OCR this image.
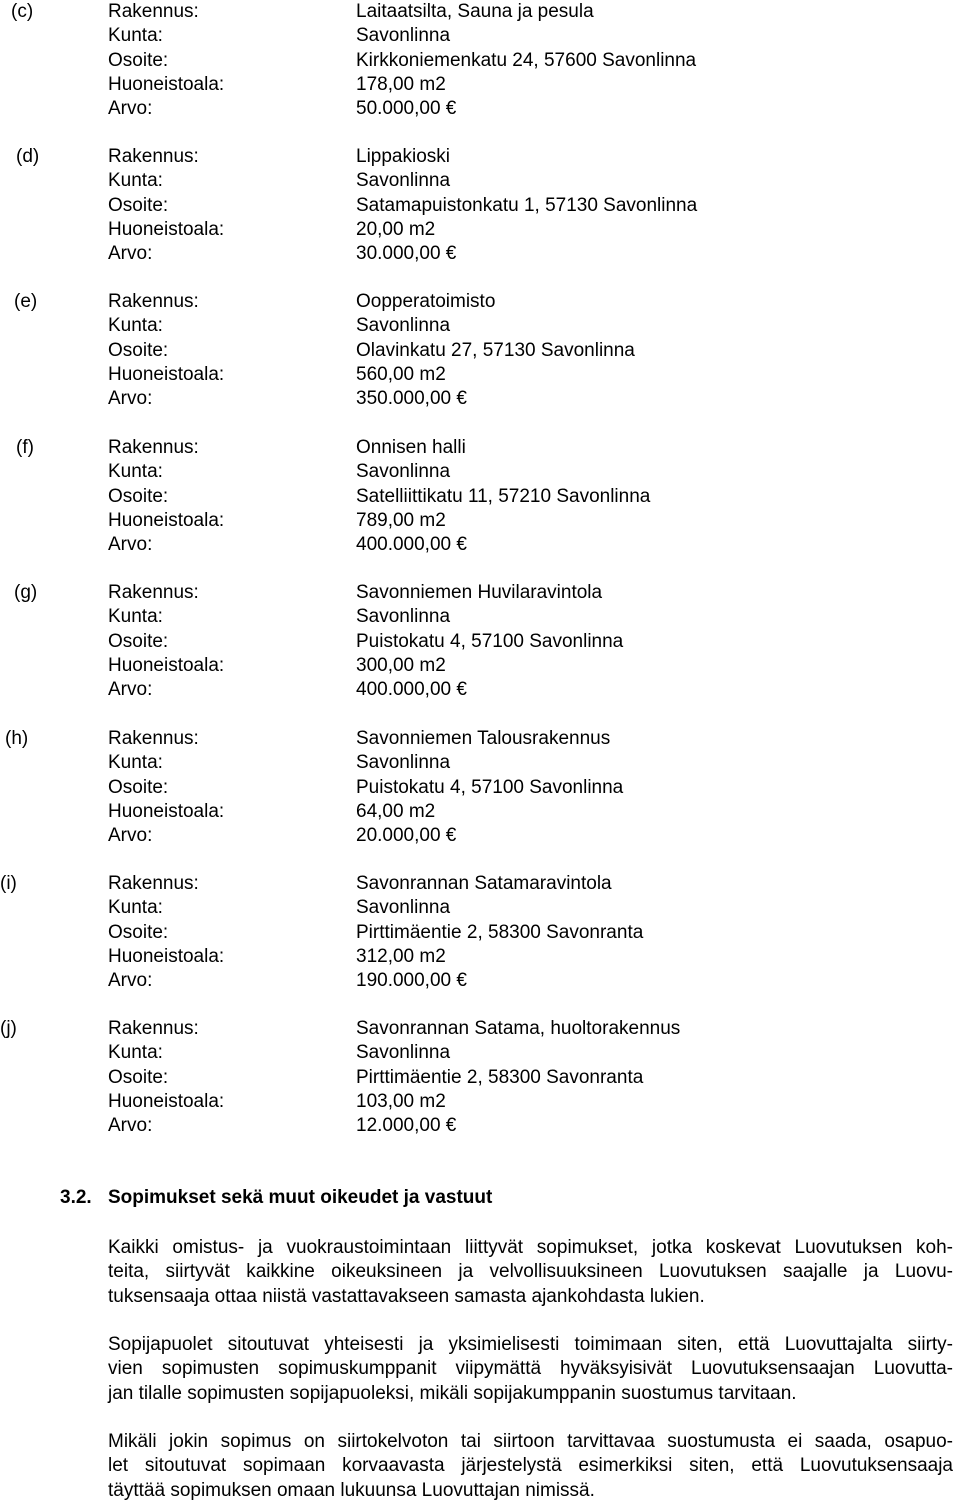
(c)	Rakennus:	Laitaatsilta, Sauna ja pesula
Kunta:	Savonlinna
Osoite:	Kirkkoniemenkatu 24, 57600 Savonlinna
Huoneistoala:	178,00 m2
Arvo:	50.000,00 €
(d)	Rakennus:	Lippakioski
Kunta:	Savonlinna
Osoite:	Satamapuistonkatu 1, 57130 Savonlinna
Huoneistoala:	20,00 m2
Arvo:	30.000,00 €
(e)	Rakennus:	Oopperatoimisto
Kunta:	Savonlinna
Osoite:	Olavinkatu 27, 57130 Savonlinna
Huoneistoala:	560,00 m2
Arvo:	350.000,00 €
(f)	Rakennus:	Onnisen halli
Kunta:	Savonlinna
Osoite:	Satelliittikatu 11, 57210 Savonlinna
Huoneistoala:	789,00 m2
Arvo:	400.000,00 €
(g)	Rakennus:	Savonniemen Huvilaravintola
Kunta:	Savonlinna
Osoite:	Puistokatu 4, 57100 Savonlinna
Huoneistoala:	300,00 m2
Arvo:	400.000,00 €
(h)	Rakennus:	Savonniemen Talousrakennus
Kunta:	Savonlinna
Osoite:	Puistokatu 4, 57100 Savonlinna
Huoneistoala:	64,00 m2
Arvo:	20.000,00 €
(i)	Rakennus:	Savonrannan Satamaravintola
Kunta:	Savonlinna
Osoite:	Pirttimäentie 2, 58300 Savonranta
Huoneistoala:	312,00 m2
Arvo:	190.000,00 €
(j)	Rakennus:	Savonrannan Satama, huoltorakennus
Kunta:	Savonlinna
Osoite:	Pirttimäentie 2, 58300 Savonranta
Huoneistoala:	103,00 m2
Arvo:	12.000,00 €
3.2. Sopimukset sekä muut oikeudet ja vastuut
Kaikki omistus- ja vuokraustoimintaan liittyvät sopimukset, jotka koskevat Luovutuksen koh-
teita, siirtyvät kaikkine oikeuksineen ja velvollisuuksineen Luovutuksen saajalle ja Luovu-
tuksensaaja ottaa niistä vastattavakseen samasta ajankohdasta lukien.
Sopijapuolet sitoutuvat yhteisesti ja yksimielisesti toimimaan siten, että Luovuttajalta siirty-
vien sopimusten sopimuskumppanit viipymättä hyväksyisivät Luovutuksensaajan Luovutta-
jan tilalle sopimusten sopijapuoleksi, mikäli sopijakumppanin suostumus tarvitaan.
Mikäli jokin sopimus on siirtokelvoton tai siirtoon tarvittavaa suostumusta ei saada, osapuo-
let sitoutuvat sopimaan korvaavasta järjestelystä esimerkiksi siten, että Luovutuksensaaja
täyttää sopimuksen omaan lukuunsa Luovuttajan nimissä.
